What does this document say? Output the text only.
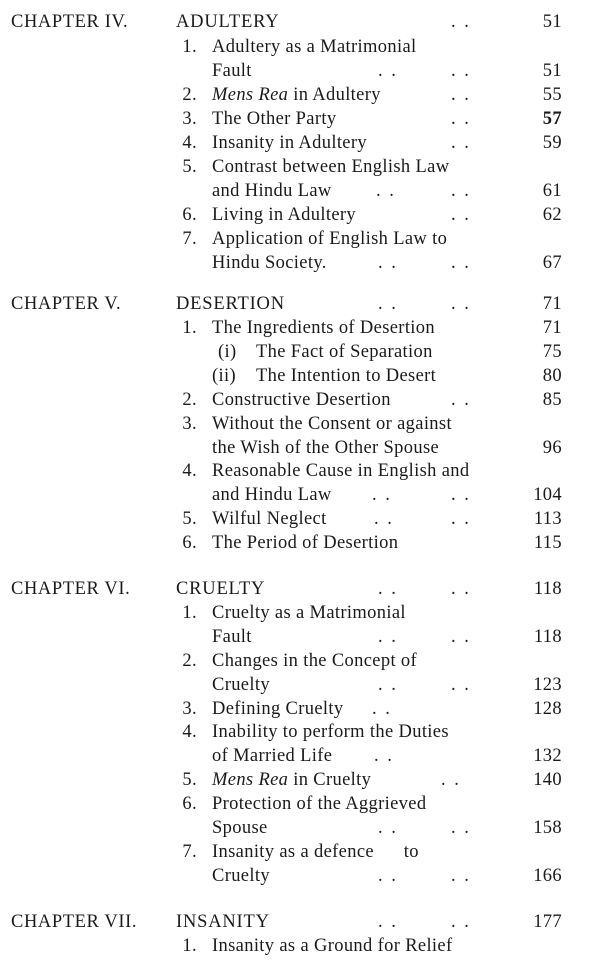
CHAPTER IV.	ADULTERY	. .	51
1. Adultery as a Matrimonial
Fault	. .	. .	51
2. Mens Rea in Adultery	. .	55
3. The Other Party	. .	57
4. Insanity in Adultery	. .	59
5. Contrast between English Law
and Hindu Law . .	. .	61
6. Living in Adultery	. .	62
7. Application of English Law to
Hindu Society.	. .	. .	67
CHAPTER V.	DESERTION	. .	. .	71
1. The Ingredients of Desertion	71
(i) The Fact of Separation	75
(ii) The Intention to Desert	80
2. Constructive Desertion	. .	85
3. Without the Consent or against
the Wish of the Other Spouse	96
4. Reasonable Cause in English and
and Hindu Law . .	. .	104
5. Wilful Neglect	. .	. .	113
6. The Period of Desertion	115
CHAPTER VI. CRUELTY	. .	. .	118
1. Cruelty as a Matrimonial
Fault	. .	. .	118
2. Changes in the Concept of
Cruelty	. .	. .	123
3. Defining Cruelty . .	128
4. Inability to perform the Duties
of Married Life . .	132
5. Mens Rea in Cruelty	. .	140
6. Protection of the Aggrieved
Spouse	. .	. .	158
7. Insanity as a defence      to
Cruelty	. .	. .	166
CHAPTER VII. INSANITY	. .	. .	177
1. Insanity as a Ground for Relief
